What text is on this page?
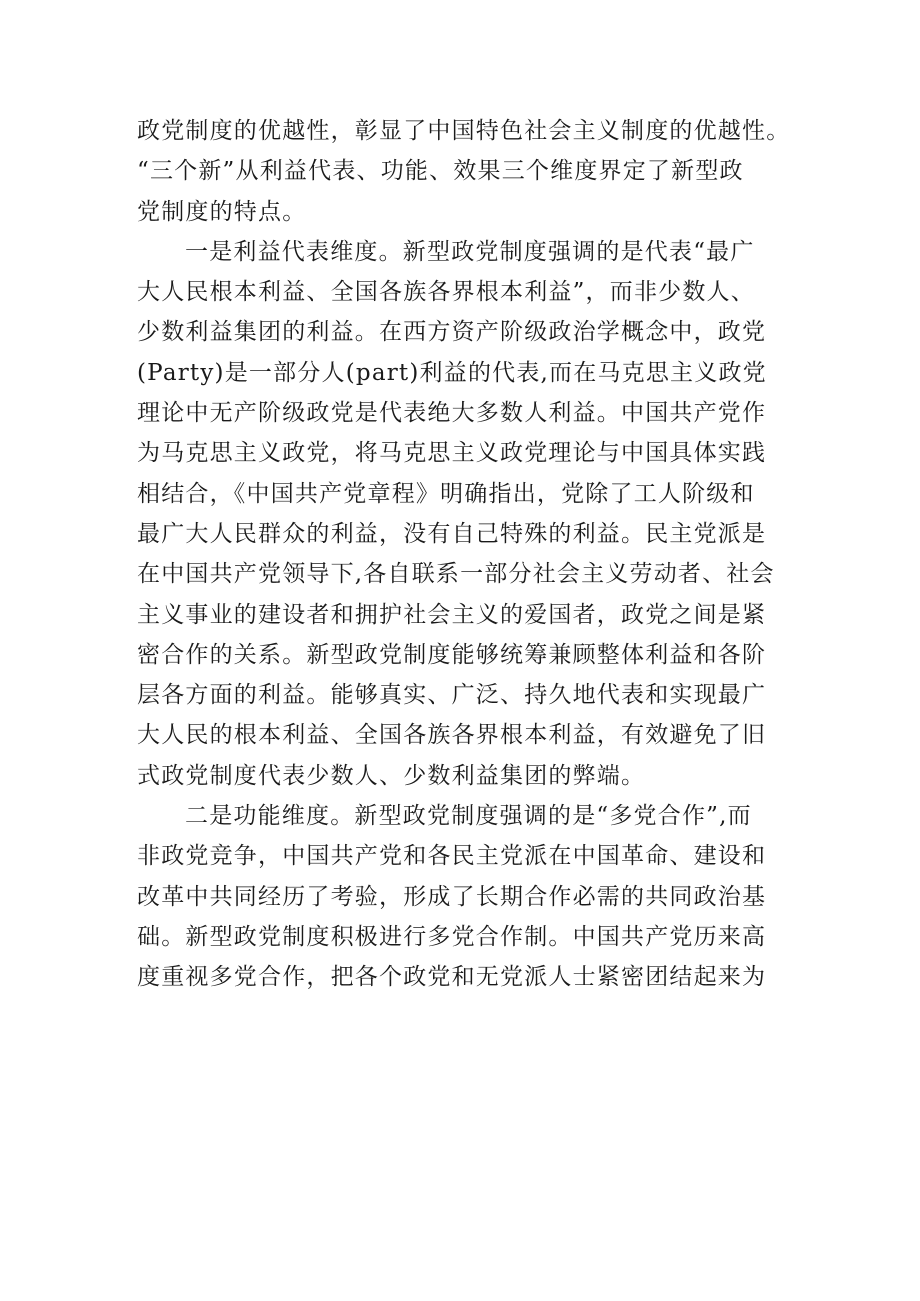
政党制度的优越性，彰显了中国特色社会主义制度的优越性。
“三个新”从利益代表、功能、效果三个维度界定了新型政
党制度的特点。
一是利益代表维度。新型政党制度强调的是代表“最广
大人民根本利益、全国各族各界根本利益”，而非少数人、
少数利益集团的利益。在西方资产阶级政治学概念中，政党
(Party)是一部分人(part)利益的代表,而在马克思主义政党
理论中无产阶级政党是代表绝大多数人利益。中国共产党作
为马克思主义政党，将马克思主义政党理论与中国具体实践
相结合，《中国共产党章程》明确指出，党除了工人阶级和
最广大人民群众的利益，没有自己特殊的利益。民主党派是
在中国共产党领导下,各自联系一部分社会主义劳动者、社会
主义事业的建设者和拥护社会主义的爱国者，政党之间是紧
密合作的关系。新型政党制度能够统筹兼顾整体利益和各阶
层各方面的利益。能够真实、广泛、持久地代表和实现最广
大人民的根本利益、全国各族各界根本利益，有效避免了旧
式政党制度代表少数人、少数利益集团的弊端。
二是功能维度。新型政党制度强调的是“多党合作”,而
非政党竞争，中国共产党和各民主党派在中国革命、建设和
改革中共同经历了考验，形成了长期合作必需的共同政治基
础。新型政党制度积极进行多党合作制。中国共产党历来高
度重视多党合作，把各个政党和无党派人士紧密团结起来为
